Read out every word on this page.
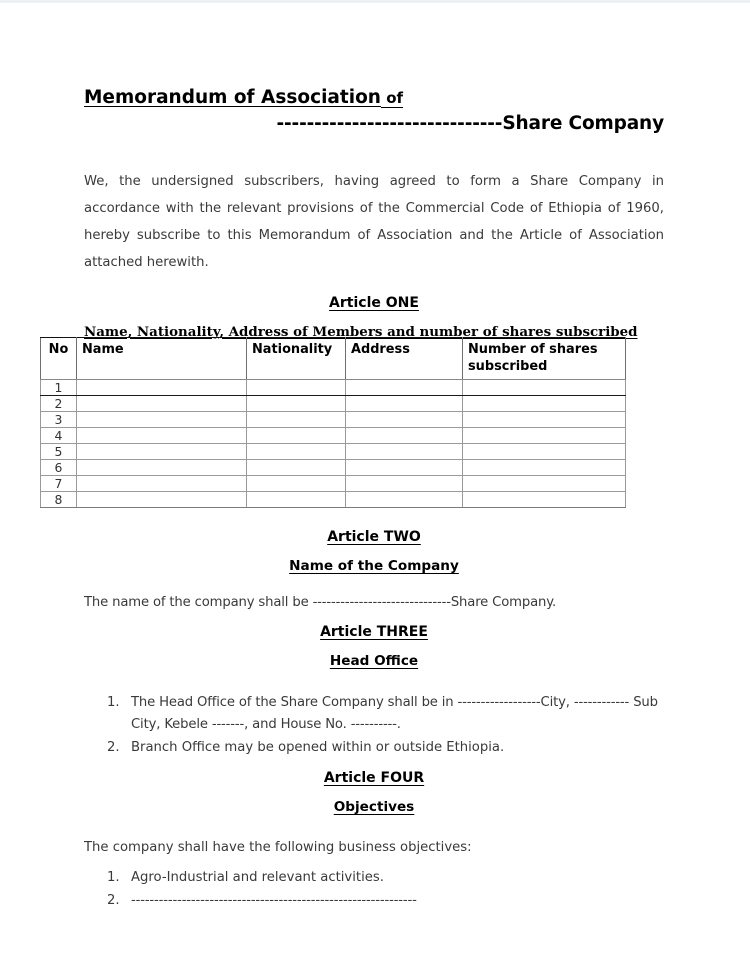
Memorandum of Association of
------------------------------Share Company

We, the undersigned subscribers, having agreed to form a Share Company in accordance with the relevant provisions of the Commercial Code of Ethiopia of 1960, hereby subscribe to this Memorandum of Association and the Article of Association attached herewith.

Article ONE
Name, Nationality, Address of Members and number of shares subscribed
No	Name	Nationality	Address	Number of shares subscribed
1				
2				
3				
4				
5				
6				
7				
8				
Article TWO
Name of the Company

The name of the company shall be ------------------------------Share Company.

Article THREE
Head Office
1. The Head Office of the Share Company shall be in ------------------City, ------------ Sub City, Kebele -------, and House No. ----------.
2. Branch Office may be opened within or outside Ethiopia.
Article FOUR
Objectives

The company shall have the following business objectives:

1. Agro-Industrial and relevant activities.
2. --------------------------------------------------------------
